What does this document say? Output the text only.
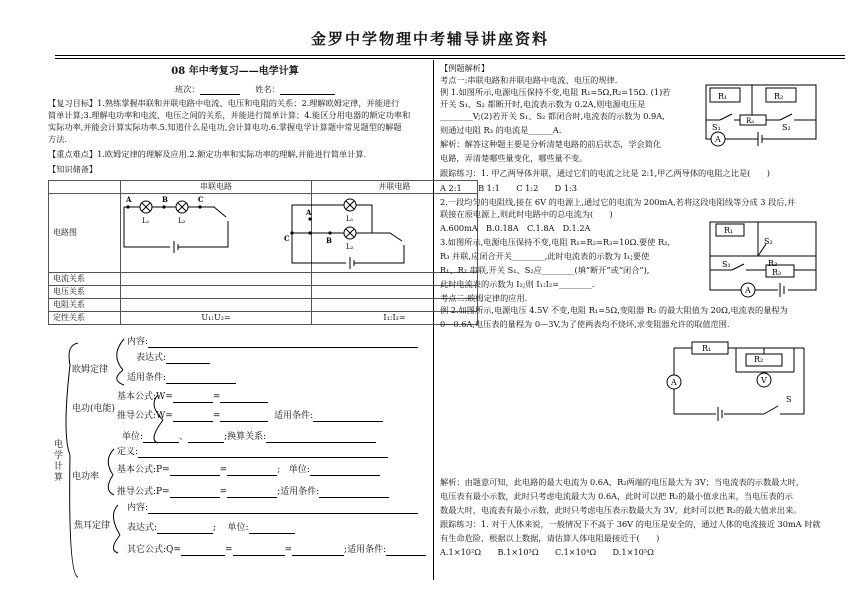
金罗中学物理中考辅导讲座资料
08 年中考复习——电学计算
班次：	姓名：
【复习目标】1.熟练掌握串联和并联电路中电流、电压和电阻的关系；2.理解欧姆定律，并能进行
简单计算;3.理解电功率和电流、电压之间的关系，并能进行简单计算；4.能区分用电器的额定功率和
实际功率,并能会计算实际功率.5.知道什么是电功,会计算电功.6.掌握电学计算题中常见题型的解题
方法.
【重点难点】1.欧姆定律的理解及应用.2.额定功率和实际功率的理解,并能进行简单计算.
【知识储备】
	串联电路	并联电路
电路图		
电流关系		
电压关系		
电阻关系		
定性关系	U₁:U₂=	I₁:I₂=
A	B	C
L₁	L₂
A
C	B
L₁
L₂
电学计算
欧姆定律
内容:
表达式:
适用条件:
电功(电能)
基本公式:W=	=
推导公式:W=	=	适用条件:
单位:	、	;换算关系:
电功率
定义:
基本公式:P=	=	; 单位:
推导公式:P=	=	;适用条件:
焦耳定律
内容:
表达式:	;    单位:
其它公式:Q=	=	=	;适用条件:
【例题解析】
考点一:串联电路和并联电路中电流、电压的规律.
例 1.如图所示,电源电压保持不变,电阻 R₁=5Ω,R₂=15Ω. (1)若
开关 S₁、S₂ 都断开时,电流表示数为 0.2A,则电源电压是
________V;(2)若开关 S₁、S₂ 都闭合时,电流表的示数为 0.9A,
则通过电阻 R₃ 的电流是______A.
解析：解答这种题主要是分析清楚电路的前后状态，学会简化
电路，弄清楚哪些量变化，哪些量不变。
跟踪练习：1. 甲乙两导体并联，通过它们的电流之比是 2:1,甲乙两导体的电阻之比是(　　)
A 2:1　　B 1:1　　C 1:2　　D 1:3
2.一段均匀的电阻线,接在 6V 的电源上,通过它的电流为 200mA,若将这段电阻线等分成 3 段后,并
联接在原电源上,则此时电路中的总电流为(　　)
A.600mA　B.0.18A　C.1.8A　D.1.2A
3.如图所示,电源电压保持不变,电阻 R₁=R₂=R₃=10Ω.要使 R₂,
R₃ 并联,应闭合开关________,此时电流表的示数为 I₁;要使
R₁、R₂ 串联,开关 S₁、S₂应________(填“断开”或“闭合”),
此时电流表的示数为 I₂;则 I₁:I₂=________.
考点二:欧姆定律的应用.
例 2.如图所示,电源电压 4.5V 不变,电阻 R₁=5Ω,变阻器 R₂ 的最大阻值为 20Ω,电流表的量程为
0—0.6A,电压表的量程为 0—3V,为了使两表均不烧坏,求变阻器允许的取值范围.
解析：由题意可知，此电路的最大电流为 0.6A，R₂两端的电压最大为 3V；当电流表的示数最大时，
电压表有最小示数，此时只考虑电流最大为 0.6A，此时可以把 R₂的最小值求出来，当电压表的示
数最大时，电流表有最小示数，此时只考虑电压表示数最大为 3V，此时可以把 R₂的最大值求出来。
跟踪练习：1. 对于人体来说，一般情况下不高于 36V 的电压是安全的，通过人体的电流接近 30mA 时就
有生命危险，根据以上数据，请估算人体电阻最接近于(　　)
A.1×10²Ω　　B.1×10³Ω　　C.1×10⁴Ω　　D.1×10⁵Ω
R₁	R₂
R₃
S₁	S₂
A
R₁
S₂
R₂
S₁
R₃
A
R₁
R₂
A	V
S
